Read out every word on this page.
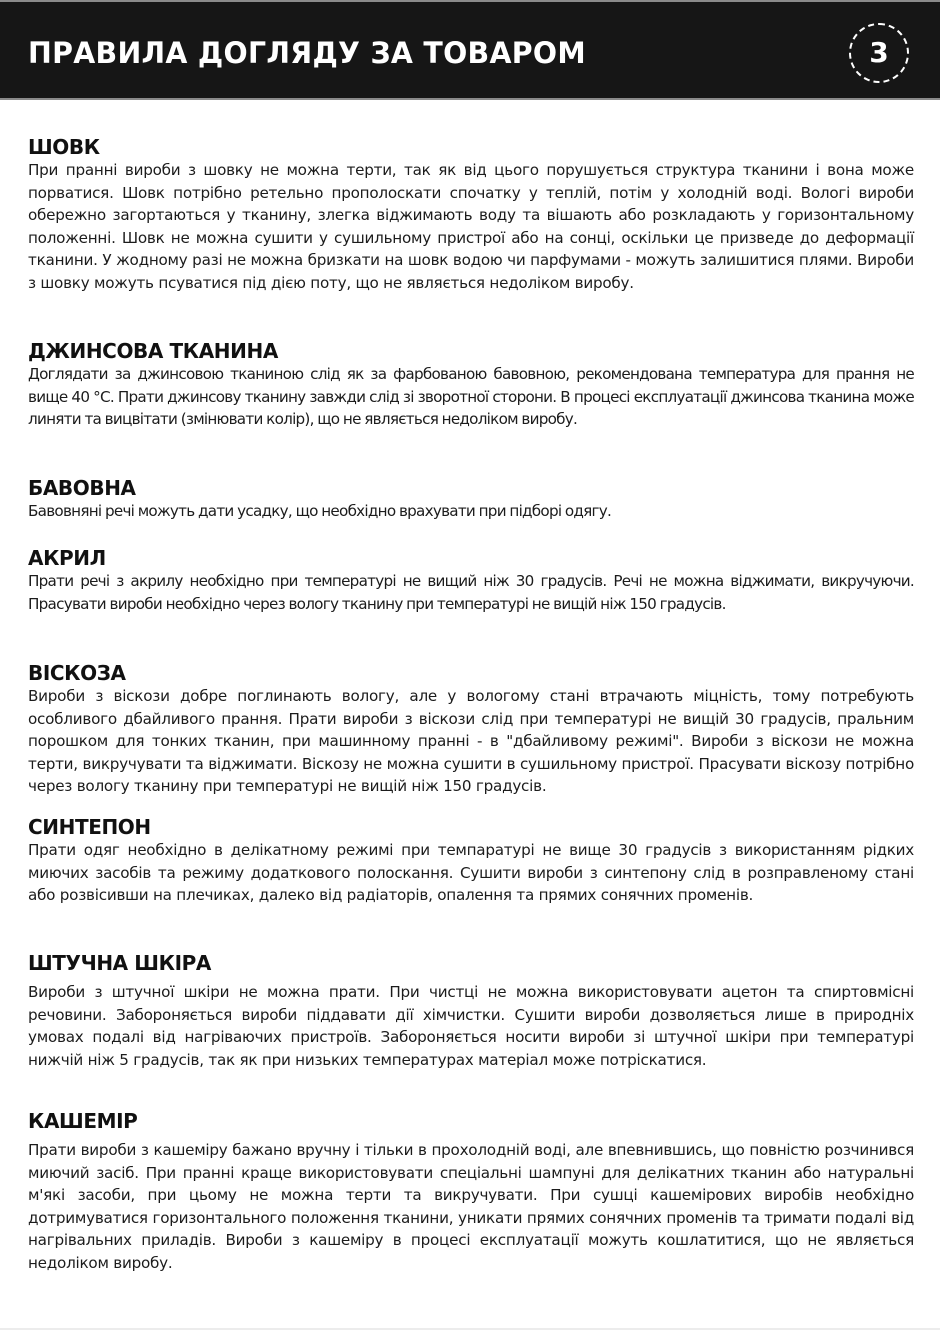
ПРАВИЛА ДОГЛЯДУ ЗА ТОВАРОМ	3
ШОВК

При пранні вироби з шовку не можна терти, так як від цього порушується структура тканини і вона може порватися. Шовк потрібно ретельно прополоскати спочатку у теплій, потім у холодній воді. Вологі вироби обережно загортаються у тканину, злегка віджимають воду та вішають або розкладають у горизонтальному положенні. Шовк не можна сушити у сушильному пристрої або на сонці, оскільки це призведе до деформації тканини. У жодному разі не можна бризкати на шовк водою чи парфумами - можуть залишитися плями. Вироби з шовку можуть псуватися під дією поту, що не являється недоліком виробу.

ДЖИНСОВА ТКАНИНА

Доглядати за джинсовою тканиною слід як за фарбованою бавовною, рекомендована температура для прання не вище 40 °C. Прати джинсову тканину завжди слід зі зворотної сторони. В процесі експлуатації джинсова тканина може линяти та вицвітати (змінювати колір), що не являється недоліком виробу.

БАВОВНА

Бавовняні речі можуть дати усадку, що необхідно врахувати при підборі одягу.

АКРИЛ

Прати речі з акрилу необхідно при температурі не вищий ніж 30 градусів. Речі не можна віджимати, викручуючи. Прасувати вироби необхідно через вологу тканину при температурі не вищій ніж 150 градусів.

ВІСКОЗА

Вироби з віскози добре поглинають вологу, але у вологому стані втрачають міцність, тому потребують особливого дбайливого прання. Прати вироби з віскози слід при температурі не вищій 30 градусів, пральним порошком для тонких тканин, при машинному пранні - в "дбайливому режимі". Вироби з віскози не можна терти, викручувати та віджимати. Віскозу не можна сушити в сушильному пристрої. Прасувати віскозу потрібно через вологу тканину при температурі не вищій ніж 150 градусів.

СИНТЕПОН

Прати одяг необхідно в делікатному режимі при темпаратурі не вище 30 градусів з використанням рідких миючих засобів та режиму додаткового полоскання. Сушити вироби з синтепону слід в розправленому стані або розвісивши на плечиках, далеко від радіаторів, опалення та прямих сонячних променів.

ШТУЧНА ШКІРА

Вироби з штучної шкіри не можна прати. При чистці не можна використовувати ацетон та спиртовмісні речовини. Забороняється вироби піддавати дії хімчистки. Сушити вироби дозволяється лише в природніх умовах подалі від нагріваючих пристроїв. Забороняється носити вироби зі штучної шкіри при температурі нижчій ніж 5 градусів, так як при низьких температурах матеріал може потріскатися.

КАШЕМІР

Прати вироби з кашеміру бажано вручну і тільки в прохолодній воді, але впевнившись, що повністю розчинився миючий засіб. При пранні краще використовувати спеціальні шампуні для делікатних тканин або натуральні м'які засоби, при цьому не можна терти та викручувати. При сушці кашемірових виробів необхідно дотримуватися горизонтального положення тканини, уникати прямих сонячних променів та тримати подалі від нагрівальних приладів. Вироби з кашеміру в процесі експлуатації можуть кошлатитися, що не являється недоліком виробу.
